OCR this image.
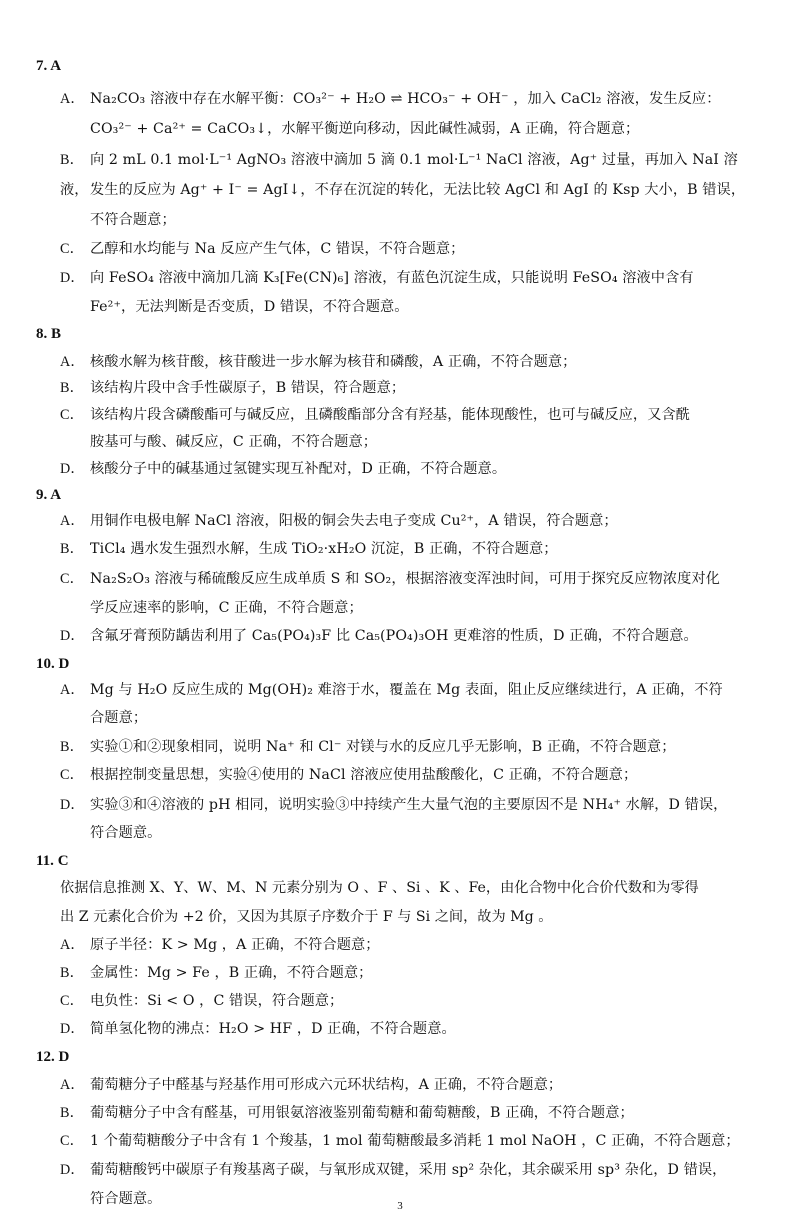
7. A
A． Na₂CO₃ 溶液中存在水解平衡：CO₃²⁻ + H₂O ⇌ HCO₃⁻ + OH⁻ ，加入 CaCl₂ 溶液，发生反应：
CO₃²⁻ + Ca²⁺ = CaCO₃↓，水解平衡逆向移动，因此碱性减弱，A 正确，符合题意；
B． 向 2 mL 0.1 mol·L⁻¹ AgNO₃ 溶液中滴加 5 滴 0.1 mol·L⁻¹ NaCl 溶液，Ag⁺ 过量，再加入 NaI 溶液， 发生的反应为 Ag⁺ + I⁻ = AgI↓，不存在沉淀的转化，无法比较 AgCl 和 AgI 的 Ksp 大小，B 错误，
不符合题意；
C． 乙醇和水均能与 Na 反应产生气体，C 错误，不符合题意；
D． 向 FeSO₄ 溶液中滴加几滴 K₃[Fe(CN)₆] 溶液，有蓝色沉淀生成，只能说明 FeSO₄ 溶液中含有
Fe²⁺，无法判断是否变质，D 错误，不符合题意。
8. B
A． 核酸水解为核苷酸，核苷酸进一步水解为核苷和磷酸，A 正确，不符合题意；
B． 该结构片段中含手性碳原子，B 错误，符合题意；
C． 该结构片段含磷酸酯可与碱反应，且磷酸酯部分含有羟基，能体现酸性，也可与碱反应，又含酰
胺基可与酸、碱反应，C 正确，不符合题意；
D． 核酸分子中的碱基通过氢键实现互补配对，D 正确，不符合题意。
9. A
A． 用铜作电极电解 NaCl 溶液，阳极的铜会失去电子变成 Cu²⁺，A 错误，符合题意；
B． TiCl₄ 遇水发生强烈水解，生成 TiO₂·xH₂O 沉淀，B 正确，不符合题意；
C． Na₂S₂O₃ 溶液与稀硫酸反应生成单质 S 和 SO₂，根据溶液变浑浊时间，可用于探究反应物浓度对化
学反应速率的影响，C 正确，不符合题意；
D． 含氟牙膏预防龋齿利用了 Ca₅(PO₄)₃F 比 Ca₅(PO₄)₃OH 更难溶的性质，D 正确，不符合题意。
10. D
A． Mg 与 H₂O 反应生成的 Mg(OH)₂ 难溶于水，覆盖在 Mg 表面，阻止反应继续进行，A 正确，不符
合题意；
B． 实验①和②现象相同，说明 Na⁺ 和 Cl⁻ 对镁与水的反应几乎无影响，B 正确，不符合题意；
C． 根据控制变量思想，实验④使用的 NaCl 溶液应使用盐酸酸化，C 正确，不符合题意；
D． 实验③和④溶液的 pH 相同，说明实验③中持续产生大量气泡的主要原因不是 NH₄⁺ 水解，D 错误，
符合题意。
11. C
依据信息推测 X、Y、W、M、N 元素分别为 O 、F 、Si 、K 、Fe，由化合物中化合价代数和为零得
出 Z 元素化合价为 +2 价，又因为其原子序数介于 F 与 Si 之间，故为 Mg 。
A． 原子半径：K > Mg ，A 正确，不符合题意；
B． 金属性：Mg > Fe ，B 正确，不符合题意；
C． 电负性：Si < O ，C 错误，符合题意；
D． 简单氢化物的沸点：H₂O > HF ，D 正确，不符合题意。
12. D
A． 葡萄糖分子中醛基与羟基作用可形成六元环状结构，A 正确，不符合题意；
B． 葡萄糖分子中含有醛基，可用银氨溶液鉴别葡萄糖和葡萄糖酸，B 正确，不符合题意；
C． 1 个葡萄糖酸分子中含有 1 个羧基，1 mol 葡萄糖酸最多消耗 1 mol NaOH ，C 正确，不符合题意；
D． 葡萄糖酸钙中碳原子有羧基离子碳，与氧形成双键，采用 sp² 杂化，其余碳采用 sp³ 杂化，D 错误，
符合题意。	3
